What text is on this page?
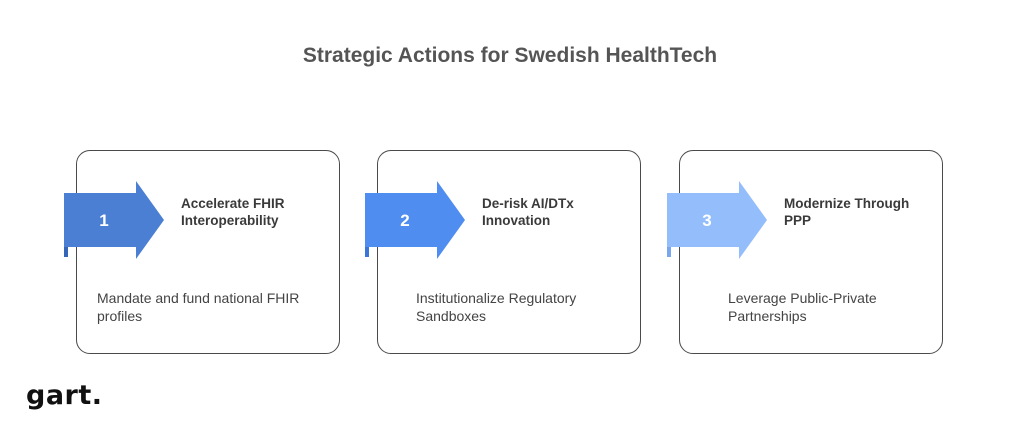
Strategic Actions for Swedish HealthTech
1
Accelerate FHIR
Interoperability
Mandate and fund national FHIR
profiles
2
De-risk AI/DTx
Innovation
Institutionalize Regulatory
Sandboxes
3
Modernize Through
PPP
Leverage Public-Private
Partnerships
gart.
